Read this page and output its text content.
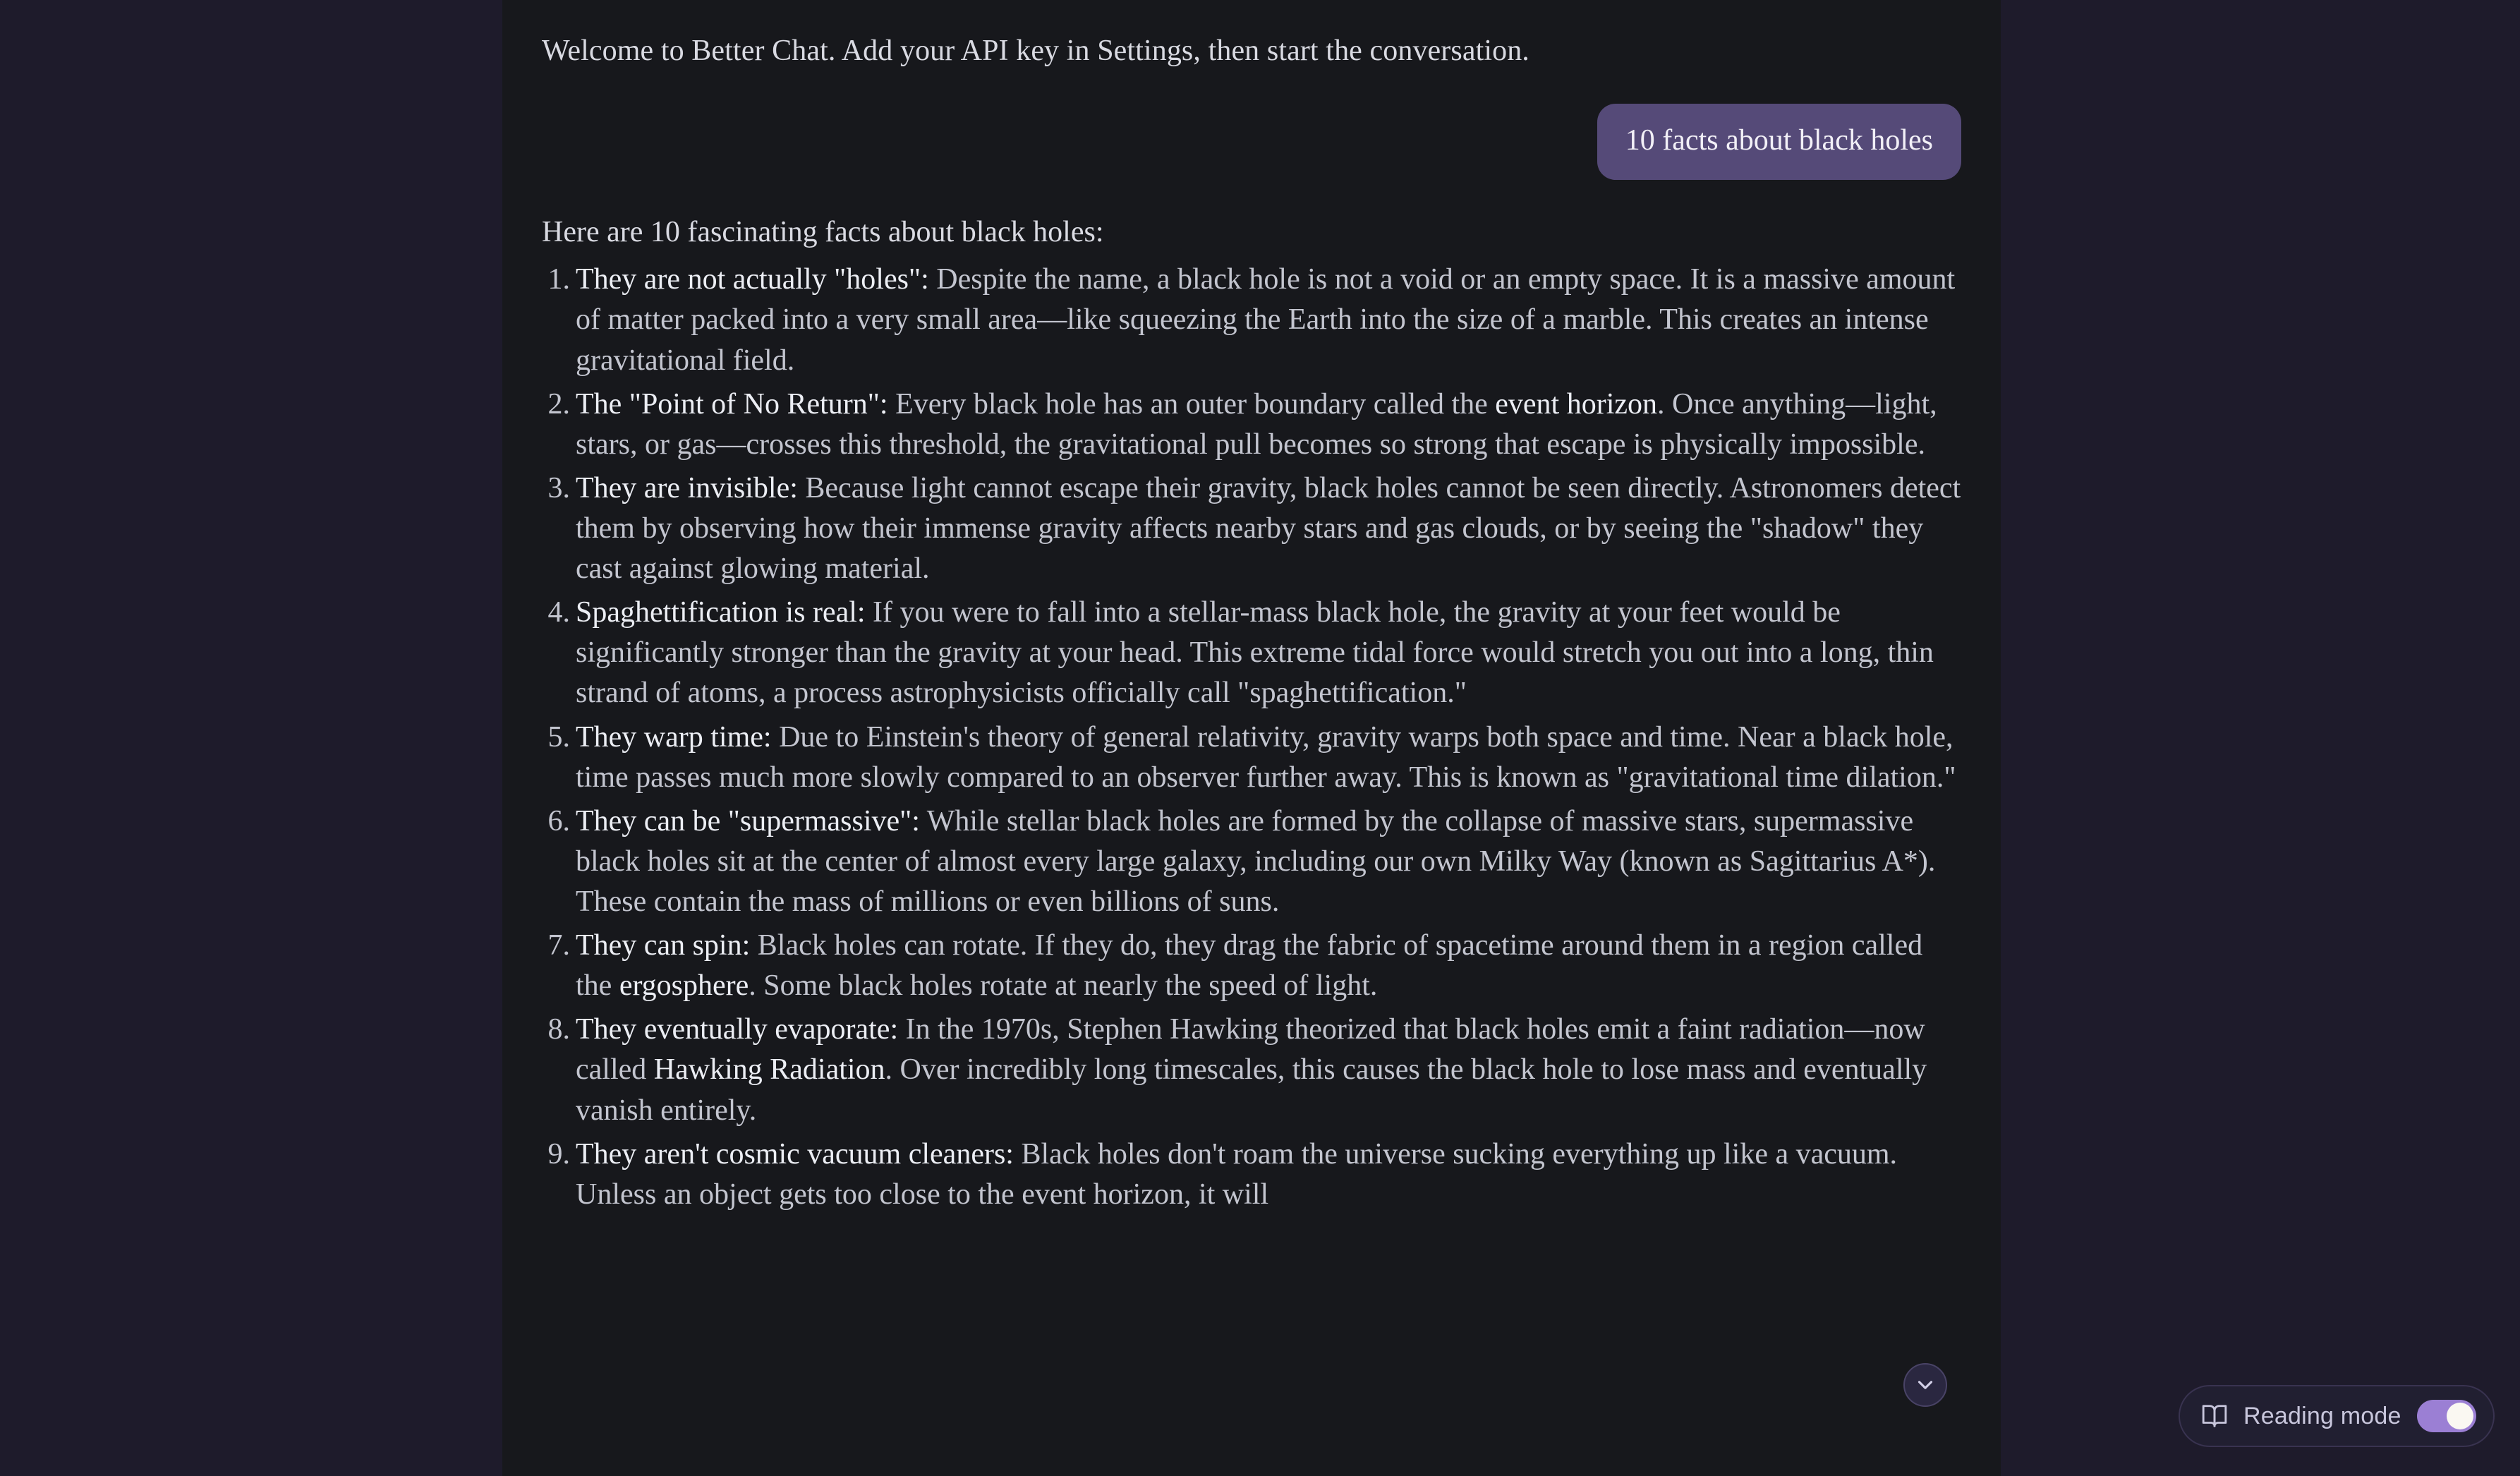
Welcome to Better Chat. Add your API key in Settings, then start the conversation.
10 facts about black holes
Here are 10 fascinating facts about black holes:
They are not actually "holes": Despite the name, a black hole is not a void or an empty space. It is a massive amount of matter packed into a very small area—like squeezing the Earth into the size of a marble. This creates an intense gravitational field.
The "Point of No Return": Every black hole has an outer boundary called the event horizon. Once anything—light, stars, or gas—crosses this threshold, the gravitational pull becomes so strong that escape is physically impossible.
They are invisible: Because light cannot escape their gravity, black holes cannot be seen directly. Astronomers detect them by observing how their immense gravity affects nearby stars and gas clouds, or by seeing the "shadow" they cast against glowing material.
Spaghettification is real: If you were to fall into a stellar-mass black hole, the gravity at your feet would be significantly stronger than the gravity at your head. This extreme tidal force would stretch you out into a long, thin strand of atoms, a process astrophysicists officially call "spaghettification."
They warp time: Due to Einstein's theory of general relativity, gravity warps both space and time. Near a black hole, time passes much more slowly compared to an observer further away. This is known as "gravitational time dilation."
They can be "supermassive": While stellar black holes are formed by the collapse of massive stars, supermassive black holes sit at the center of almost every large galaxy, including our own Milky Way (known as Sagittarius A*). These contain the mass of millions or even billions of suns.
They can spin: Black holes can rotate. If they do, they drag the fabric of spacetime around them in a region called the ergosphere. Some black holes rotate at nearly the speed of light.
They eventually evaporate: In the 1970s, Stephen Hawking theorized that black holes emit a faint radiation—now called Hawking Radiation. Over incredibly long timescales, this causes the black hole to lose mass and eventually vanish entirely.
They aren't cosmic vacuum cleaners: Black holes don't roam the universe sucking everything up like a vacuum. Unless an object gets too close to the event horizon, it will
Reading mode
